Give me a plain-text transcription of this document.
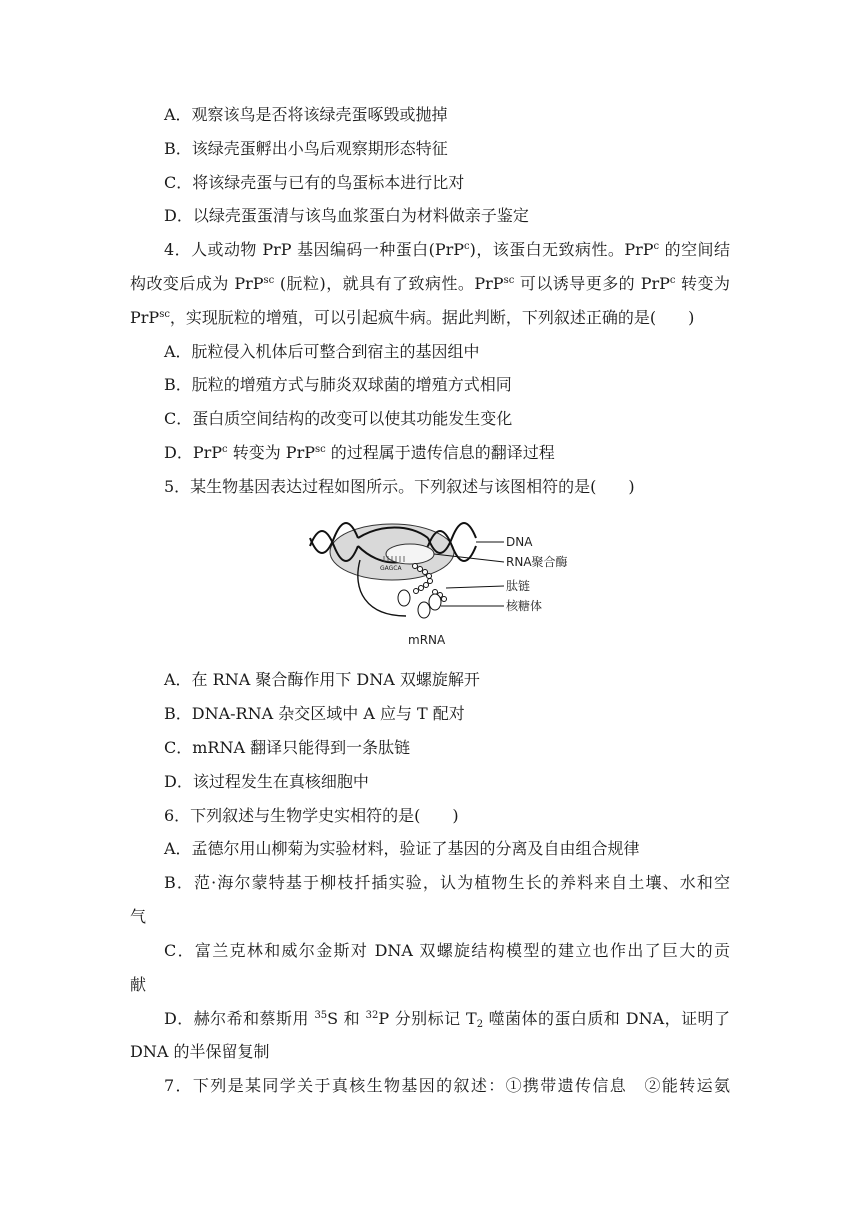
A．观察该鸟是否将该绿壳蛋啄毁或抛掉
B．该绿壳蛋孵出小鸟后观察期形态特征
C．将该绿壳蛋与已有的鸟蛋标本进行比对
D．以绿壳蛋蛋清与该鸟血浆蛋白为材料做亲子鉴定
4．人或动物 PrP 基因编码一种蛋白(PrP$^c$)，该蛋白无致病性。PrP$^c$ 的空间结
构改变后成为 PrP$^{sc}$ (朊粒)，就具有了致病性。PrP$^{sc}$ 可以诱导更多的 PrP$^c$ 转变为
PrP$^{sc}$，实现朊粒的增殖，可以引起疯牛病。据此判断，下列叙述正确的是(　　)
A．朊粒侵入机体后可整合到宿主的基因组中
B．朊粒的增殖方式与肺炎双球菌的增殖方式相同
C．蛋白质空间结构的改变可以使其功能发生变化
D．PrP$^c$ 转变为 PrP$^{sc}$ 的过程属于遗传信息的翻译过程
5．某生物基因表达过程如图所示。下列叙述与该图相符的是(　　)
GAGCA
DNA
RNA聚合酶
肽链
核糖体
mRNA
A．在 RNA 聚合酶作用下 DNA 双螺旋解开
B．DNA-RNA 杂交区域中 A 应与 T 配对
C．mRNA 翻译只能得到一条肽链
D．该过程发生在真核细胞中
6．下列叙述与生物学史实相符的是(　　)
A．孟德尔用山柳菊为实验材料，验证了基因的分离及自由组合规律
B．范·海尔蒙特基于柳枝扦插实验，认为植物生长的养料来自土壤、水和空
气
C．富兰克林和威尔金斯对 DNA 双螺旋结构模型的建立也作出了巨大的贡
献
D．赫尔希和蔡斯用 $^{35}$S 和 $^{32}$P 分别标记 $T_2$ 噬菌体的蛋白质和 DNA，证明了
DNA 的半保留复制
7．下列是某同学关于真核生物基因的叙述：①携带遗传信息　②能转运氨
